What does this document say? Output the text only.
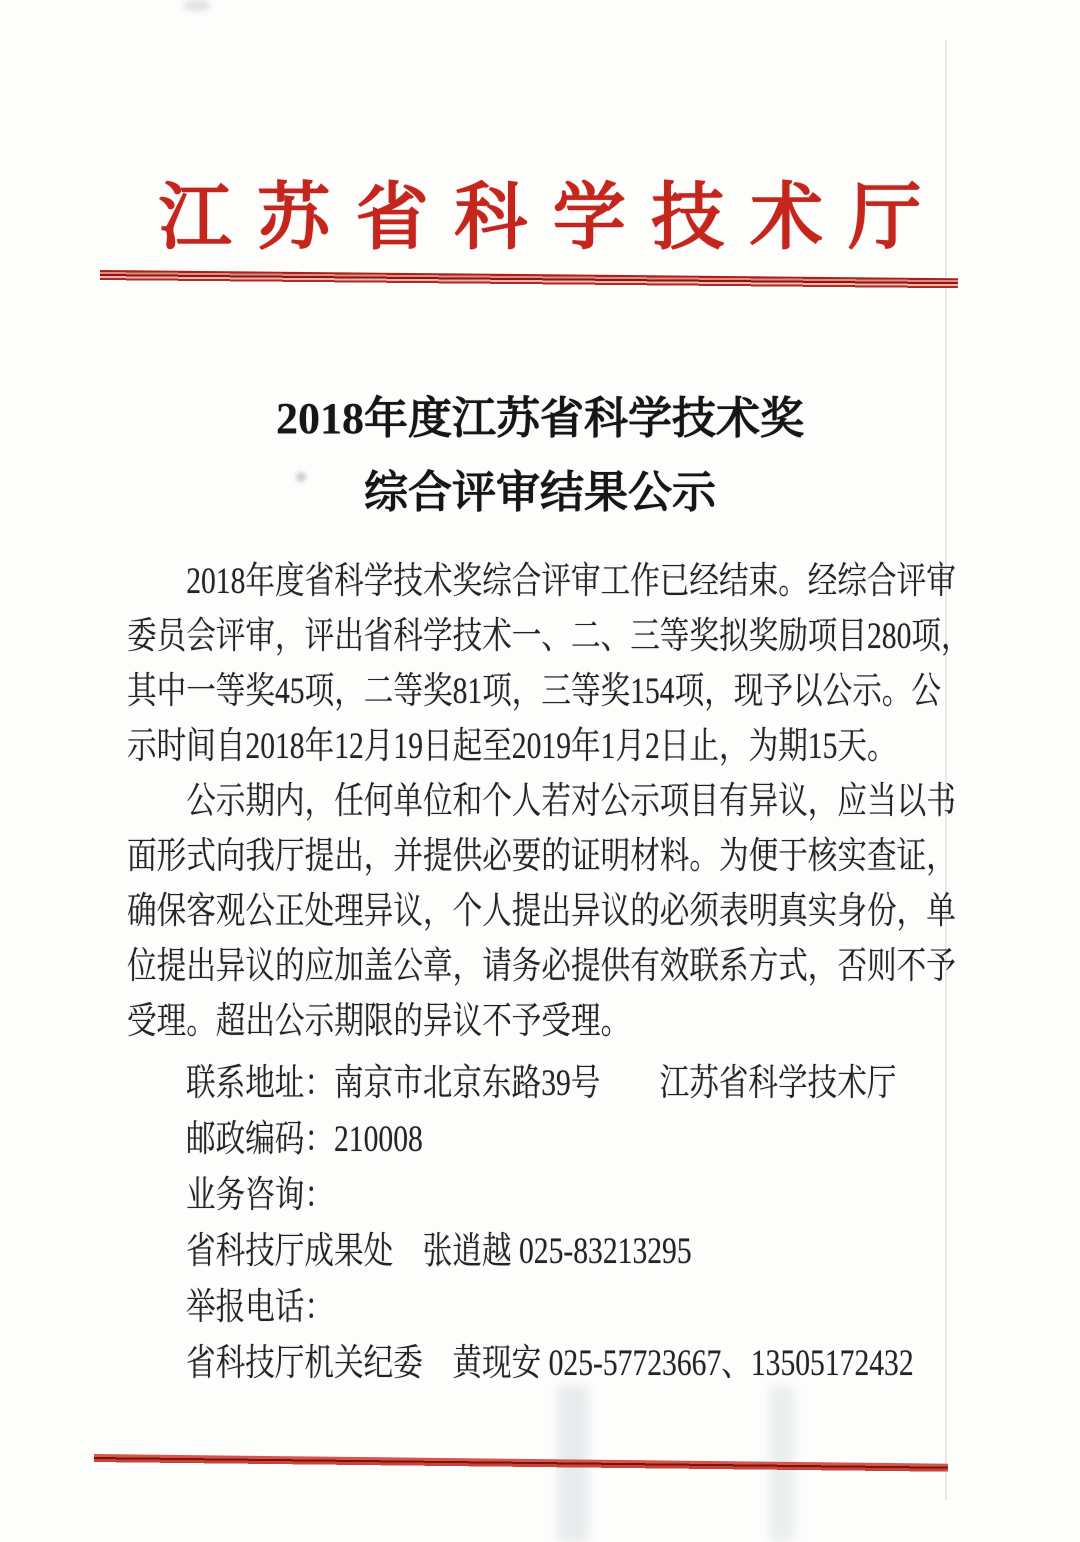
江苏省科学技术厅
2018年度江苏省科学技术奖
综合评审结果公示
2018年度省科学技术奖综合评审工作已经结束。经综合评审
委员会评审，评出省科学技术一、二、三等奖拟奖励项目280项，
其中一等奖45项，二等奖81项，三等奖154项，现予以公示。公
示时间自2018年12月19日起至2019年1月2日止，为期15天。
公示期内，任何单位和个人若对公示项目有异议，应当以书
面形式向我厅提出，并提供必要的证明材料。为便于核实查证，
确保客观公正处理异议，个人提出异议的必须表明真实身份，单
位提出异议的应加盖公章，请务必提供有效联系方式，否则不予
受理。超出公示期限的异议不予受理。
联系地址：南京市北京东路39号　　江苏省科学技术厅
邮政编码：210008
业务咨询：
省科技厅成果处　张逍越 025-83213295
举报电话：
省科技厅机关纪委　黄现安 025-57723667、13505172432
